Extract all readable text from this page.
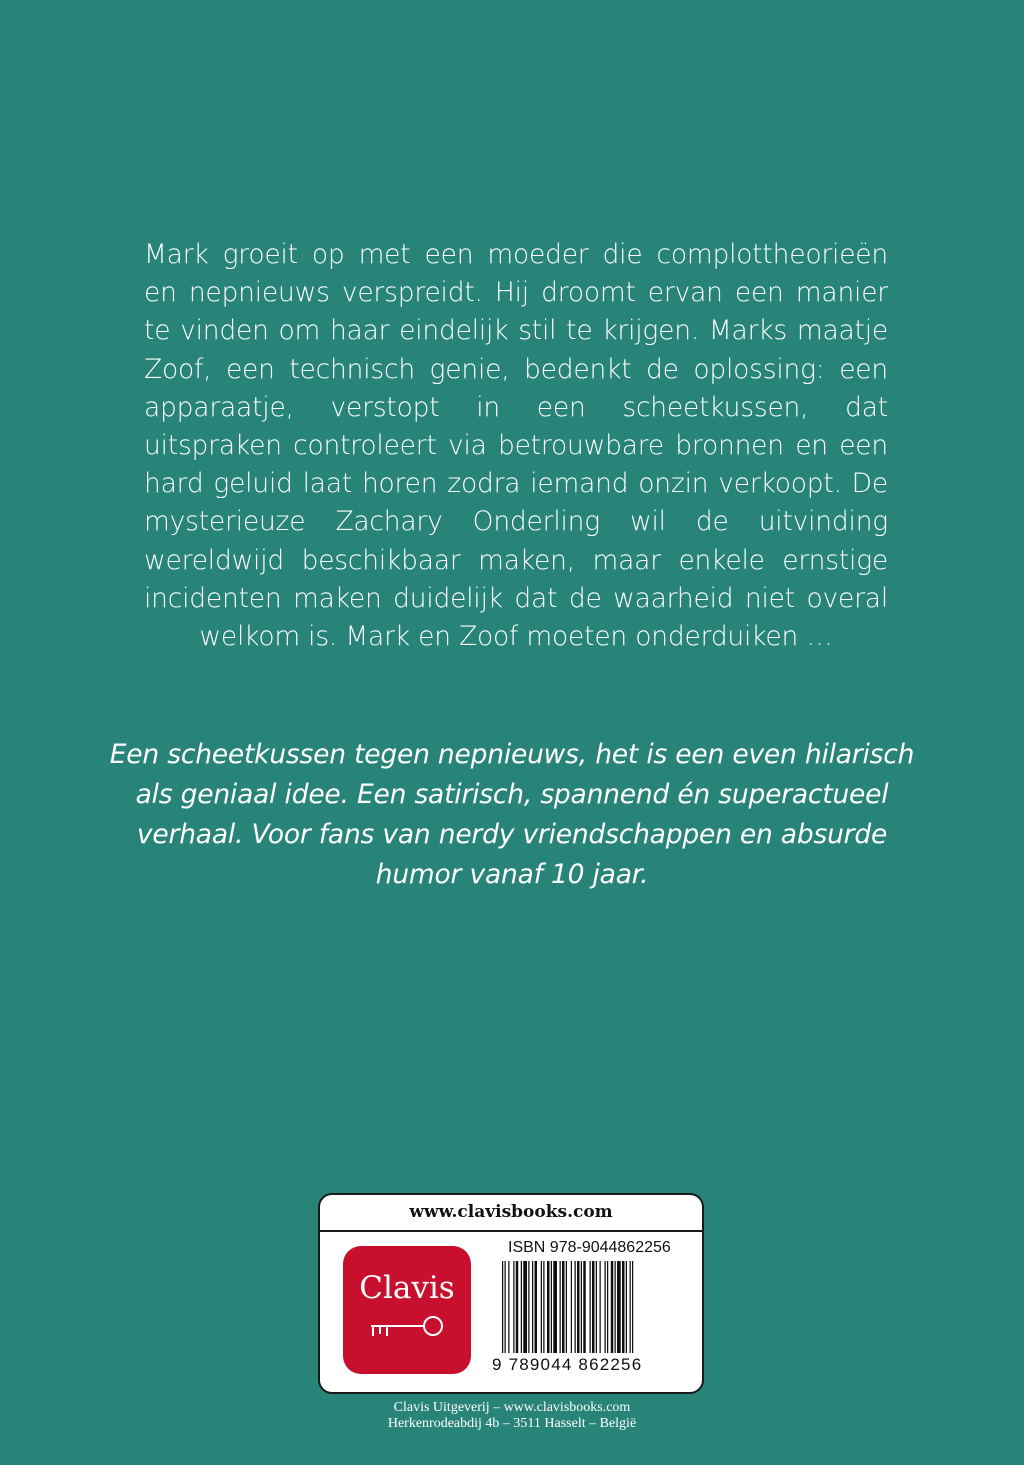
Mark groeit op met een moeder die complottheorieën en nepnieuws verspreidt. Hij droomt ervan een manier te vinden om haar eindelijk stil te krijgen. Marks maatje Zoof, een technisch genie, bedenkt de oplossing: een apparaatje, verstopt in een scheetkussen, dat uitspraken controleert via betrouwbare bronnen en een hard geluid laat horen zodra iemand onzin verkoopt. De mysterieuze Zachary Onderling wil de uitvinding wereldwijd beschikbaar maken, maar enkele ernstige incidenten maken duidelijk dat de waarheid niet overal welkom is. Mark en Zoof moeten onderduiken …

Een scheetkussen tegen nepnieuws, het is een even hilarisch als geniaal idee. Een satirisch, spannend én superactueel verhaal. Voor fans van nerdy vriendschappen en absurde humor vanaf 10 jaar.

www.clavisbooks.com
Clavis
ISBN 978-9044862256
9 789044 862256
Clavis Uitgeverij – www.clavisbooks.com
Herkenrodeabdij 4b – 3511 Hasselt – België
